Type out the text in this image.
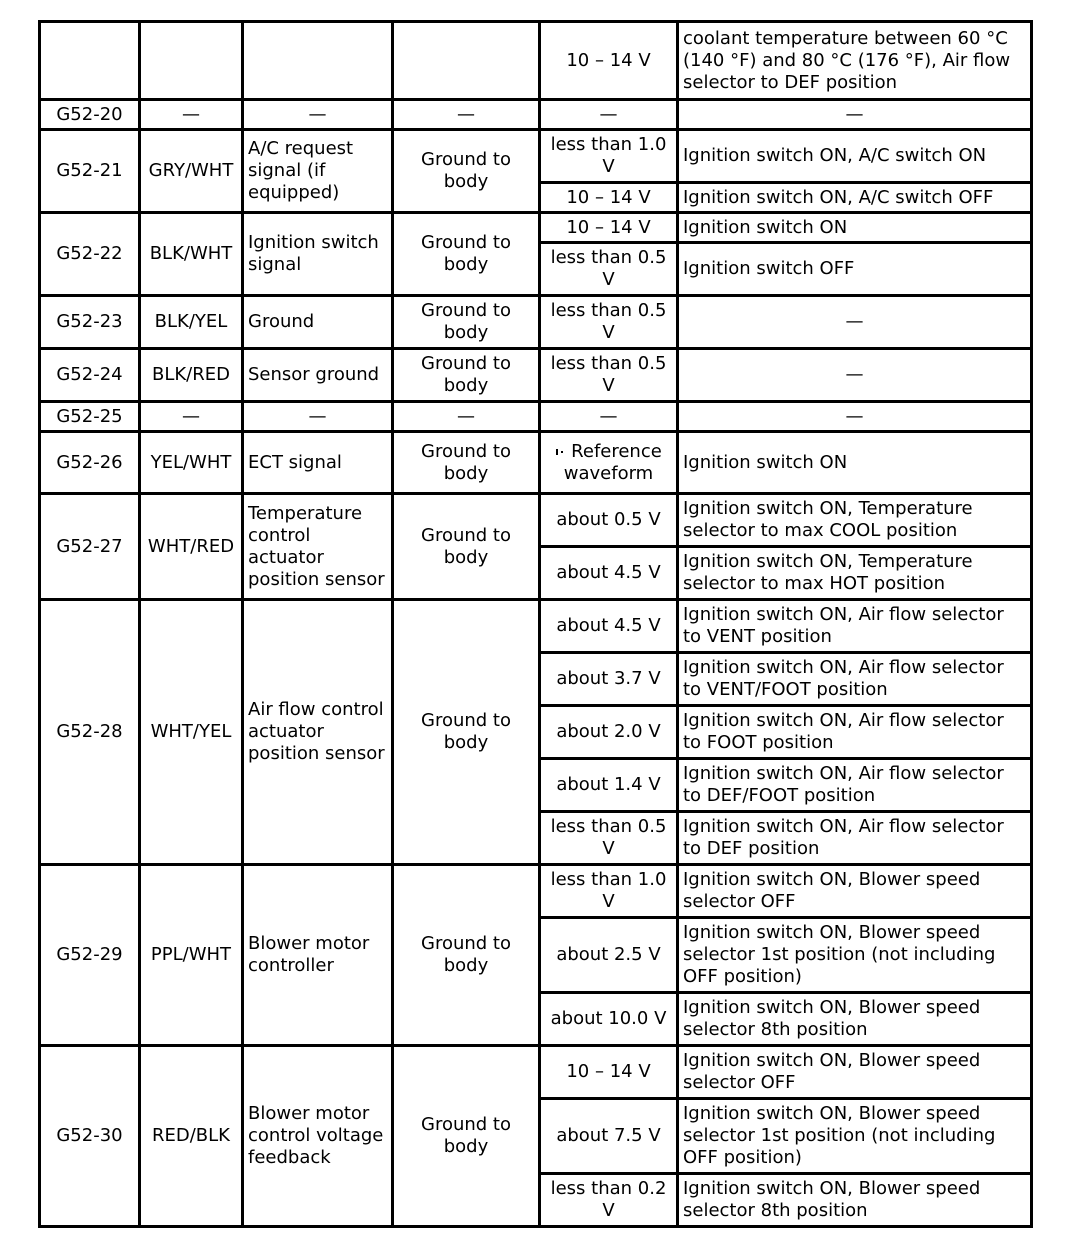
				10 – 14 V	coolant temperature between 60 °C (140 °F) and 80 °C (176 °F), Air flow selector to DEF position
G52-20	—	—	—	—	—
G52-21	GRY/WHT	A/C request signal (if equipped)	Ground to body	less than 1.0 V	Ignition switch ON, A/C switch ON
				10 – 14 V	Ignition switch ON, A/C switch OFF
G52-22	BLK/WHT	Ignition switch signal	Ground to body	10 – 14 V	Ignition switch ON
				less than 0.5 V	Ignition switch OFF
G52-23	BLK/YEL	Ground	Ground to body	less than 0.5 V	—
G52-24	BLK/RED	Sensor ground	Ground to body	less than 0.5 V	—
G52-25	—	—	—	—	—
G52-26	YEL/WHT	ECT signal	Ground to body	Reference waveform	Ignition switch ON
G52-27	WHT/RED	Temperature control actuator position sensor	Ground to body	about 0.5 V	Ignition switch ON, Temperature selector to max COOL position
				about 4.5 V	Ignition switch ON, Temperature selector to max HOT position
G52-28	WHT/YEL	Air flow control actuator position sensor	Ground to body	about 4.5 V	Ignition switch ON, Air flow selector to VENT position
				about 3.7 V	Ignition switch ON, Air flow selector to VENT/FOOT position
				about 2.0 V	Ignition switch ON, Air flow selector to FOOT position
				about 1.4 V	Ignition switch ON, Air flow selector to DEF/FOOT position
				less than 0.5 V	Ignition switch ON, Air flow selector to DEF position
G52-29	PPL/WHT	Blower motor controller	Ground to body	less than 1.0 V	Ignition switch ON, Blower speed selector OFF
				about 2.5 V	Ignition switch ON, Blower speed selector 1st position (not including OFF position)
				about 10.0 V	Ignition switch ON, Blower speed selector 8th position
G52-30	RED/BLK	Blower motor control voltage feedback	Ground to body	10 – 14 V	Ignition switch ON, Blower speed selector OFF
				about 7.5 V	Ignition switch ON, Blower speed selector 1st position (not including OFF position)
				less than 0.2 V	Ignition switch ON, Blower speed selector 8th position
